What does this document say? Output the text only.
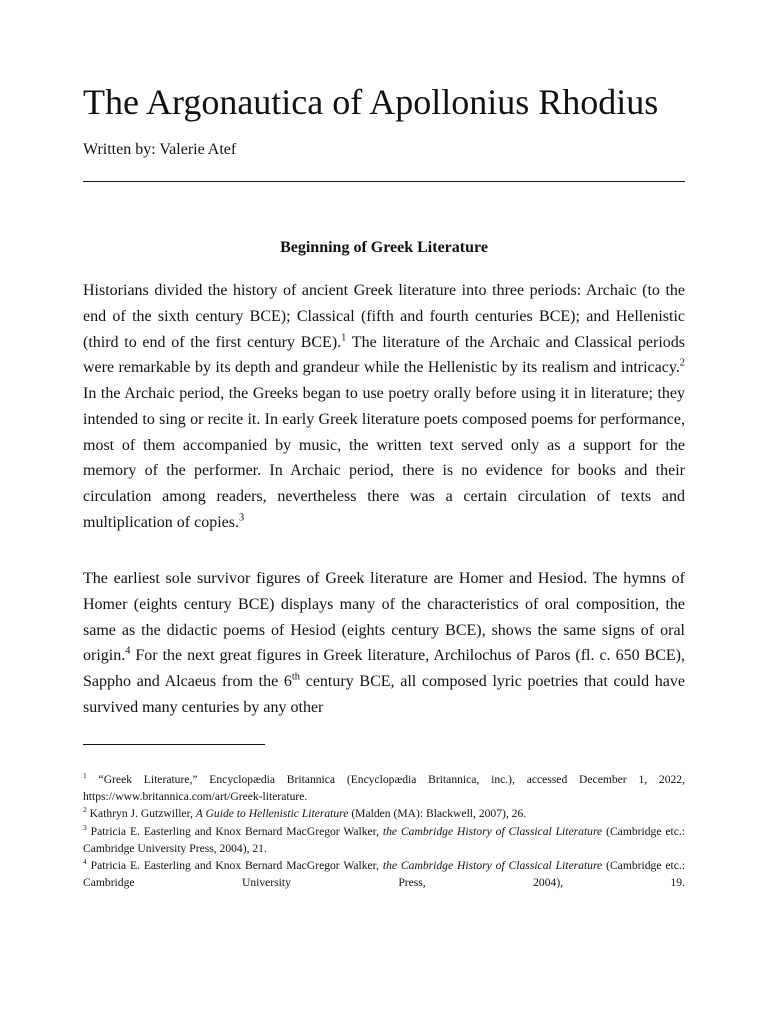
The Argonautica of Apollonius Rhodius
Written by: Valerie Atef
Beginning of Greek Literature

Historians divided the history of ancient Greek literature into three periods: Archaic (to the end of the sixth century BCE); Classical (fifth and fourth centuries BCE); and Hellenistic (third to end of the first century BCE).$^1$ The literature of the Archaic and Classical periods were remarkable by its depth and grandeur while the Hellenistic by its realism and intricacy.$^2$ In the Archaic period, the Greeks began to use poetry orally before using it in literature; they intended to sing or recite it. In early Greek literature poets composed poems for performance, most of them accompanied by music, the written text served only as a support for the memory of the performer. In Archaic period, there is no evidence for books and their circulation among readers, nevertheless there was a certain circulation of texts and multiplication of copies.$^3$

The earliest sole survivor figures of Greek literature are Homer and Hesiod. The hymns of Homer (eights century BCE) displays many of the characteristics of oral composition, the same as the didactic poems of Hesiod (eights century BCE), shows the same signs of oral origin.$^4$ For the next great figures in Greek literature, Archilochus of Paros (fl. c. 650 BCE), Sappho and Alcaeus from the 6th century BCE, all composed lyric poetries that could have survived many centuries by any other

$^1$ “Greek Literature,” Encyclopædia Britannica (Encyclopædia Britannica, inc.), accessed December 1, 2022, https://www.britannica.com/art/Greek-literature.

$^2$ Kathryn J. Gutzwiller, A Guide to Hellenistic Literature (Malden (MA): Blackwell, 2007), 26.

$^3$ Patricia E. Easterling and Knox Bernard MacGregor Walker, the Cambridge History of Classical Literature (Cambridge etc.: Cambridge University Press, 2004), 21.

$^4$ Patricia E. Easterling and Knox Bernard MacGregor Walker, the Cambridge History of Classical Literature (Cambridge etc.: Cambridge University Press, 2004), 19.
